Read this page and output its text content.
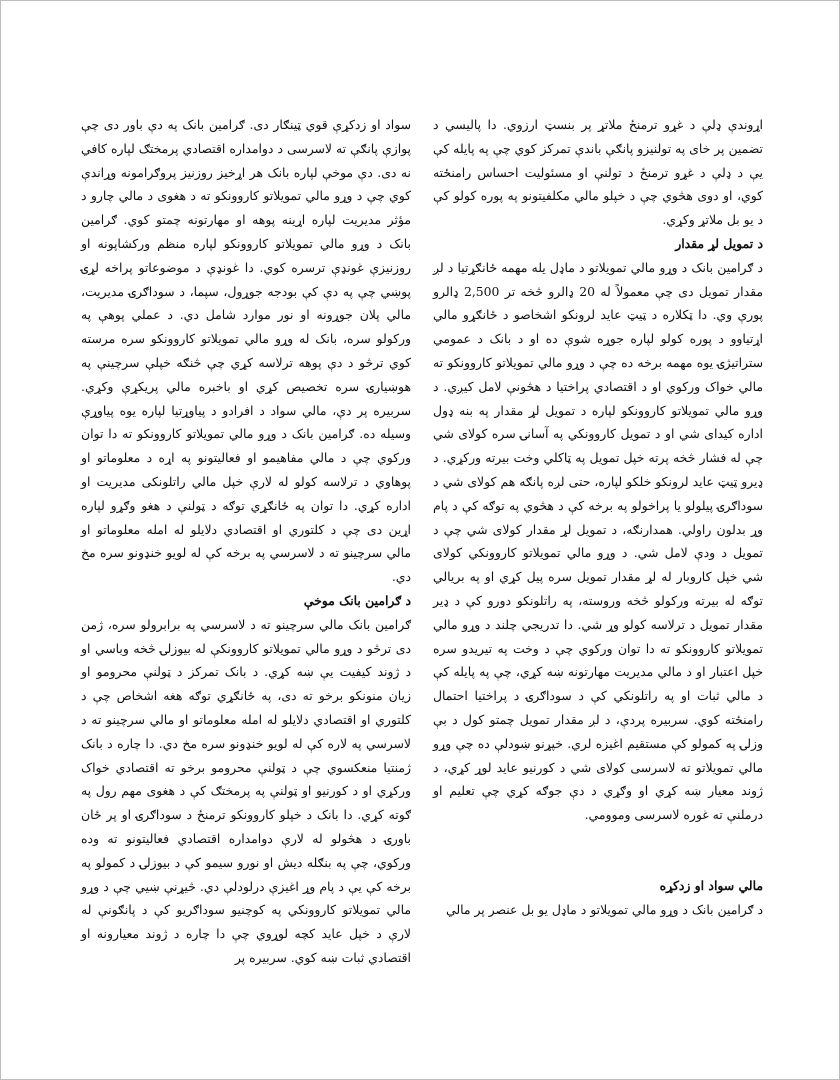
اړوندې ډلې د غړو ترمنځ ملاتړ پر بنسټ ارزوي. دا پالیسي د تضمین پر خای په تولنیزو پانګې باندې تمرکز کوي چې په پایله کې یې د ډلې د غړو ترمنځ د تولنې او مسئولیت احساس رامنځته کوي، او دوی هڅوي چې د خپلو مالي مکلفیتونو په پوره کولو کې د یو بل ملاتړ وکړي.

د تمویل لړ مقدار

د ګرامین بانک د وړو مالي تمویلاتو د ماډل یله مهمه ځانګړتیا د لږ مقدار تمویل دی چې معمولاً له 20 ډالرو څخه تر 2,500 ډالرو پورې وي. دا ټکلاره د ټیټ عاید لرونکو اشخاصو د ځانګړو مالي اړتیاوو د پوره کولو لپاره جوړه شوې ده او د بانک د عمومي ستراتیژۍ یوه مهمه برخه ده چې د وړو مالي تمویلاتو کاروونکو ته مالي خواک ورکوي او د اقتصادي پراختیا د هڅونې لامل کیږي. د وړو مالي تمویلاتو کاروونکو لپاره د تمویل لړ مقدار په بنه ډول اداره کیدای شي او د تمویل کاروونکي په آسانۍ سره کولای شي چې له فشار څخه پرته خپل تمویل په ټاکلي وخت بیرته ورکړي. د ډیرو ټیټ عاید لرونکو خلکو لپاره، حتی لږه پانګه هم کولای شي د سوداګرۍ پیلولو یا پراخولو په برخه کې د هڅوي په توګه کې د پام وړ بدلون راولي. همدارنګه، د تمویل لړ مقدار کولای شي چې د تمویل د ودې لامل شي. د وړو مالي تمویلاتو کاروونکي کولای شي خپل کاروبار له لړ مقدار تمویل سره پیل کړي او په بریالي توګه له بیرته ورکولو څخه وروسته، په راتلونکو دورو کې د ډیر مقدار تمویل د ترلاسه کولو وړ شي. دا تدریجي چلند د وړو مالي تمویلاتو کاروونکو ته دا توان ورکوي چې د وخت په تیریدو سره خپل اعتبار او د مالي مدیریت مهارتونه ښه کړي، چې په پایله کې د مالي ثبات او په راتلونکي کې د سوداګرۍ د پراختیا احتمال رامنځته کوي. سربیره پردې، د لږ مقدار تمویل چمتو کول د بې وزلۍ په کمولو کې مستقیم اغیزه لري. خپړنو ښودلې ده چې وړو مالي تمویلاتو ته لاسرسی کولای شي د کورنیو عاید لوړ کړي، د ژوند معیار ښه کړي او وګړي د دې جوګه کړي چې تعلیم او درملنې ته غوره لاسرسی وموومي.

مالي سواد او زدکړه

د ګرامین بانک د وړو مالي تمویلاتو د ماډل یو بل عنصر پر مالي

سواد او زدکړې قوي ټینګار دی. ګرامین بانک په دې باور دی چې پوازې پانګې ته لاسرسی د دوامداره اقتصادي پرمختګ لپاره کافي نه دی. دې موخې لپاره بانک هر اړخیز روزنیز پروګرامونه وړاندې کوي چې د وړو مالي تمویلاتو کاروونکو ته د هغوی د مالي چارو د مؤثر مدیریت لپاره اړینه پوهه او مهارتونه چمتو کوي. ګرامین بانک د وړو مالي تمویلاتو کاروونکو لپاره منظم ورکشاپونه او روزنیزې غونډې ترسره کوي. دا غونډې د موضوعاتو پراخه لړۍ پوښي چې په دې کې بودجه جوړول، سپما، د سوداګرۍ مدیریت، مالي پلان جوړونه او نور موارد شامل دي. د عملي پوهې په ورکولو سره، بانک له وړو مالي تمویلاتو کاروونکو سره مرسته کوي ترڅو د دې پوهه ترلاسه کړي چې څنګه خپلې سرچینې په هوښیارۍ سره تخصیص کړي او باخبره مالي پریکړې وکړي. سربیره پر دې، مالي سواد د افرادو د پیاوړتیا لپاره یوه پیاوړې وسیله ده. ګرامین بانک د وړو مالي تمویلاتو کاروونکو ته دا توان ورکوي چې د مالي مفاهیمو او فعالیتونو په اړه د معلوماتو او پوهاوي د ترلاسه کولو له لارې خپل مالي راتلونکی مدیریت او اداره کړي. دا توان په ځانګړي توګه د ټولنې د هغو وګړو لپاره اړین دی چې د کلتوري او اقتصادي دلایلو له امله معلوماتو او مالي سرچینو ته د لاسرسي په برخه کې له لویو خنډونو سره مخ دي.

د ګرامین بانک موخې

ګرامین بانک مالي سرچینو ته د لاسرسي په برابرولو سره، ژمن دی ترڅو د وړو مالي تمویلاتو کاروونکې له بیوزلۍ څخه وباسي او د ژوند کیفیت یې ښه کړي. د بانک تمرکز د ټولنې محرومو او زیان منونکو برخو ته دی، په ځانګړي توګه هغه اشخاص چې د کلتوري او اقتصادي دلایلو له امله معلوماتو او مالي سرچینو ته د لاسرسي په لاره کې له لویو خنډونو سره مخ دي. دا چاره د بانک ژمنتیا منعکسوي چې د ټولنې محرومو برخو ته اقتصادي خواک ورکړي او د کورنیو او ټولنې په پرمختګ کې د هغوی مهم رول په ګوته کړي. دا بانک د خپلو کاروونکو ترمنځ د سوداګرۍ او پر ځان باورۍ د هڅولو له لارې دوامداره اقتصادي فعالیتونو ته وده ورکوي، چې په بنګله دیش او نورو سیمو کې د بیوزلۍ د کمولو په برخه کې یې د پام وړ اغیزې درلودلې دي. څیړنې ښیي چې د وړو مالي تمویلاتو کاروونکي په کوچنیو سوداګریو کې د پانګونې له لارې د خپل عاید کچه لوړوي چې دا چاره د ژوند معیارونه او اقتصادي ثبات ښه کوي. سربیره پر
